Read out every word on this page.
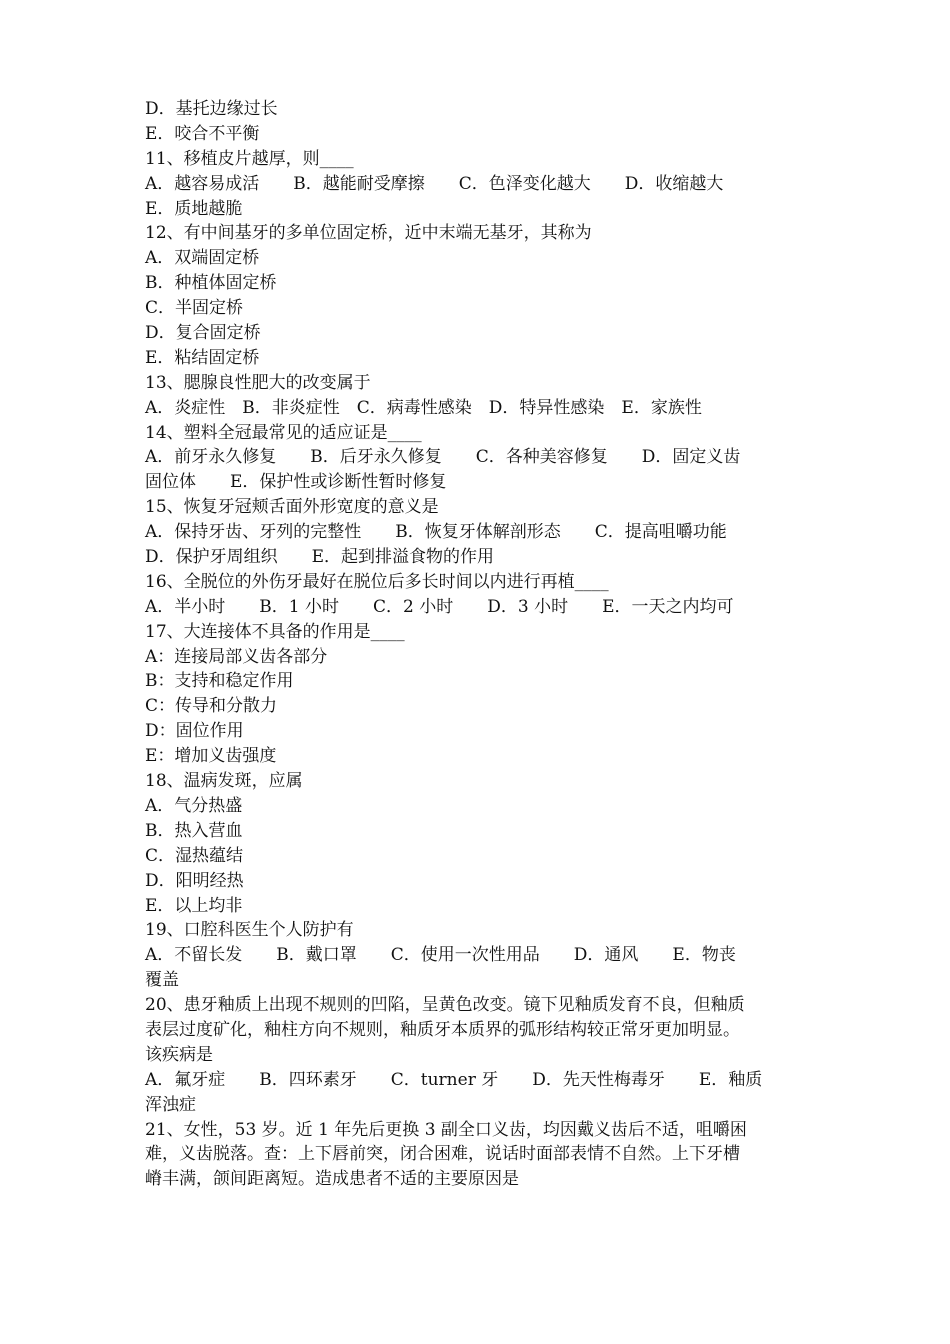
D．基托边缘过长
E．咬合不平衡
11、移植皮片越厚，则____
A．越容易成活　　B．越能耐受摩擦　　C．色泽变化越大　　D．收缩越大
E．质地越脆
12、有中间基牙的多单位固定桥，近中末端无基牙，其称为
A．双端固定桥
B．种植体固定桥
C．半固定桥
D．复合固定桥
E．粘结固定桥
13、腮腺良性肥大的改变属于
A．炎症性　B．非炎症性　C．病毒性感染　D．特异性感染　E．家族性
14、塑料全冠最常见的适应证是____
A．前牙永久修复　　B．后牙永久修复　　C．各种美容修复　　D．固定义齿
固位体　　E．保护性或诊断性暂时修复
15、恢复牙冠颊舌面外形宽度的意义是
A．保持牙齿、牙列的完整性　　B．恢复牙体解剖形态　　C．提高咀嚼功能
D．保护牙周组织　　E．起到排溢食物的作用
16、全脱位的外伤牙最好在脱位后多长时间以内进行再植____
A．半小时　　B．1 小时　　C．2 小时　　D．3 小时　　E．一天之内均可
17、大连接体不具备的作用是____
A：连接局部义齿各部分
B：支持和稳定作用
C：传导和分散力
D：固位作用
E：增加义齿强度
18、温病发斑，应属
A．气分热盛
B．热入营血
C．湿热蕴结
D．阳明经热
E．以上均非
19、口腔科医生个人防护有
A．不留长发　　B．戴口罩　　C．使用一次性用品　　D．通风　　E．物丧
覆盖
20、患牙釉质上出现不规则的凹陷，呈黄色改变。镜下见釉质发育不良，但釉质
表层过度矿化，釉柱方向不规则，釉质牙本质界的弧形结构较正常牙更加明显。
该疾病是
A．氟牙症　　B．四环素牙　　C．turner 牙　　D．先天性梅毒牙　　E．釉质
浑浊症
21、女性，53 岁。近 1 年先后更换 3 副全口义齿，均因戴义齿后不适，咀嚼困
难，义齿脱落。查：上下唇前突，闭合困难，说话时面部表情不自然。上下牙槽
嵴丰满，颌间距离短。造成患者不适的主要原因是
